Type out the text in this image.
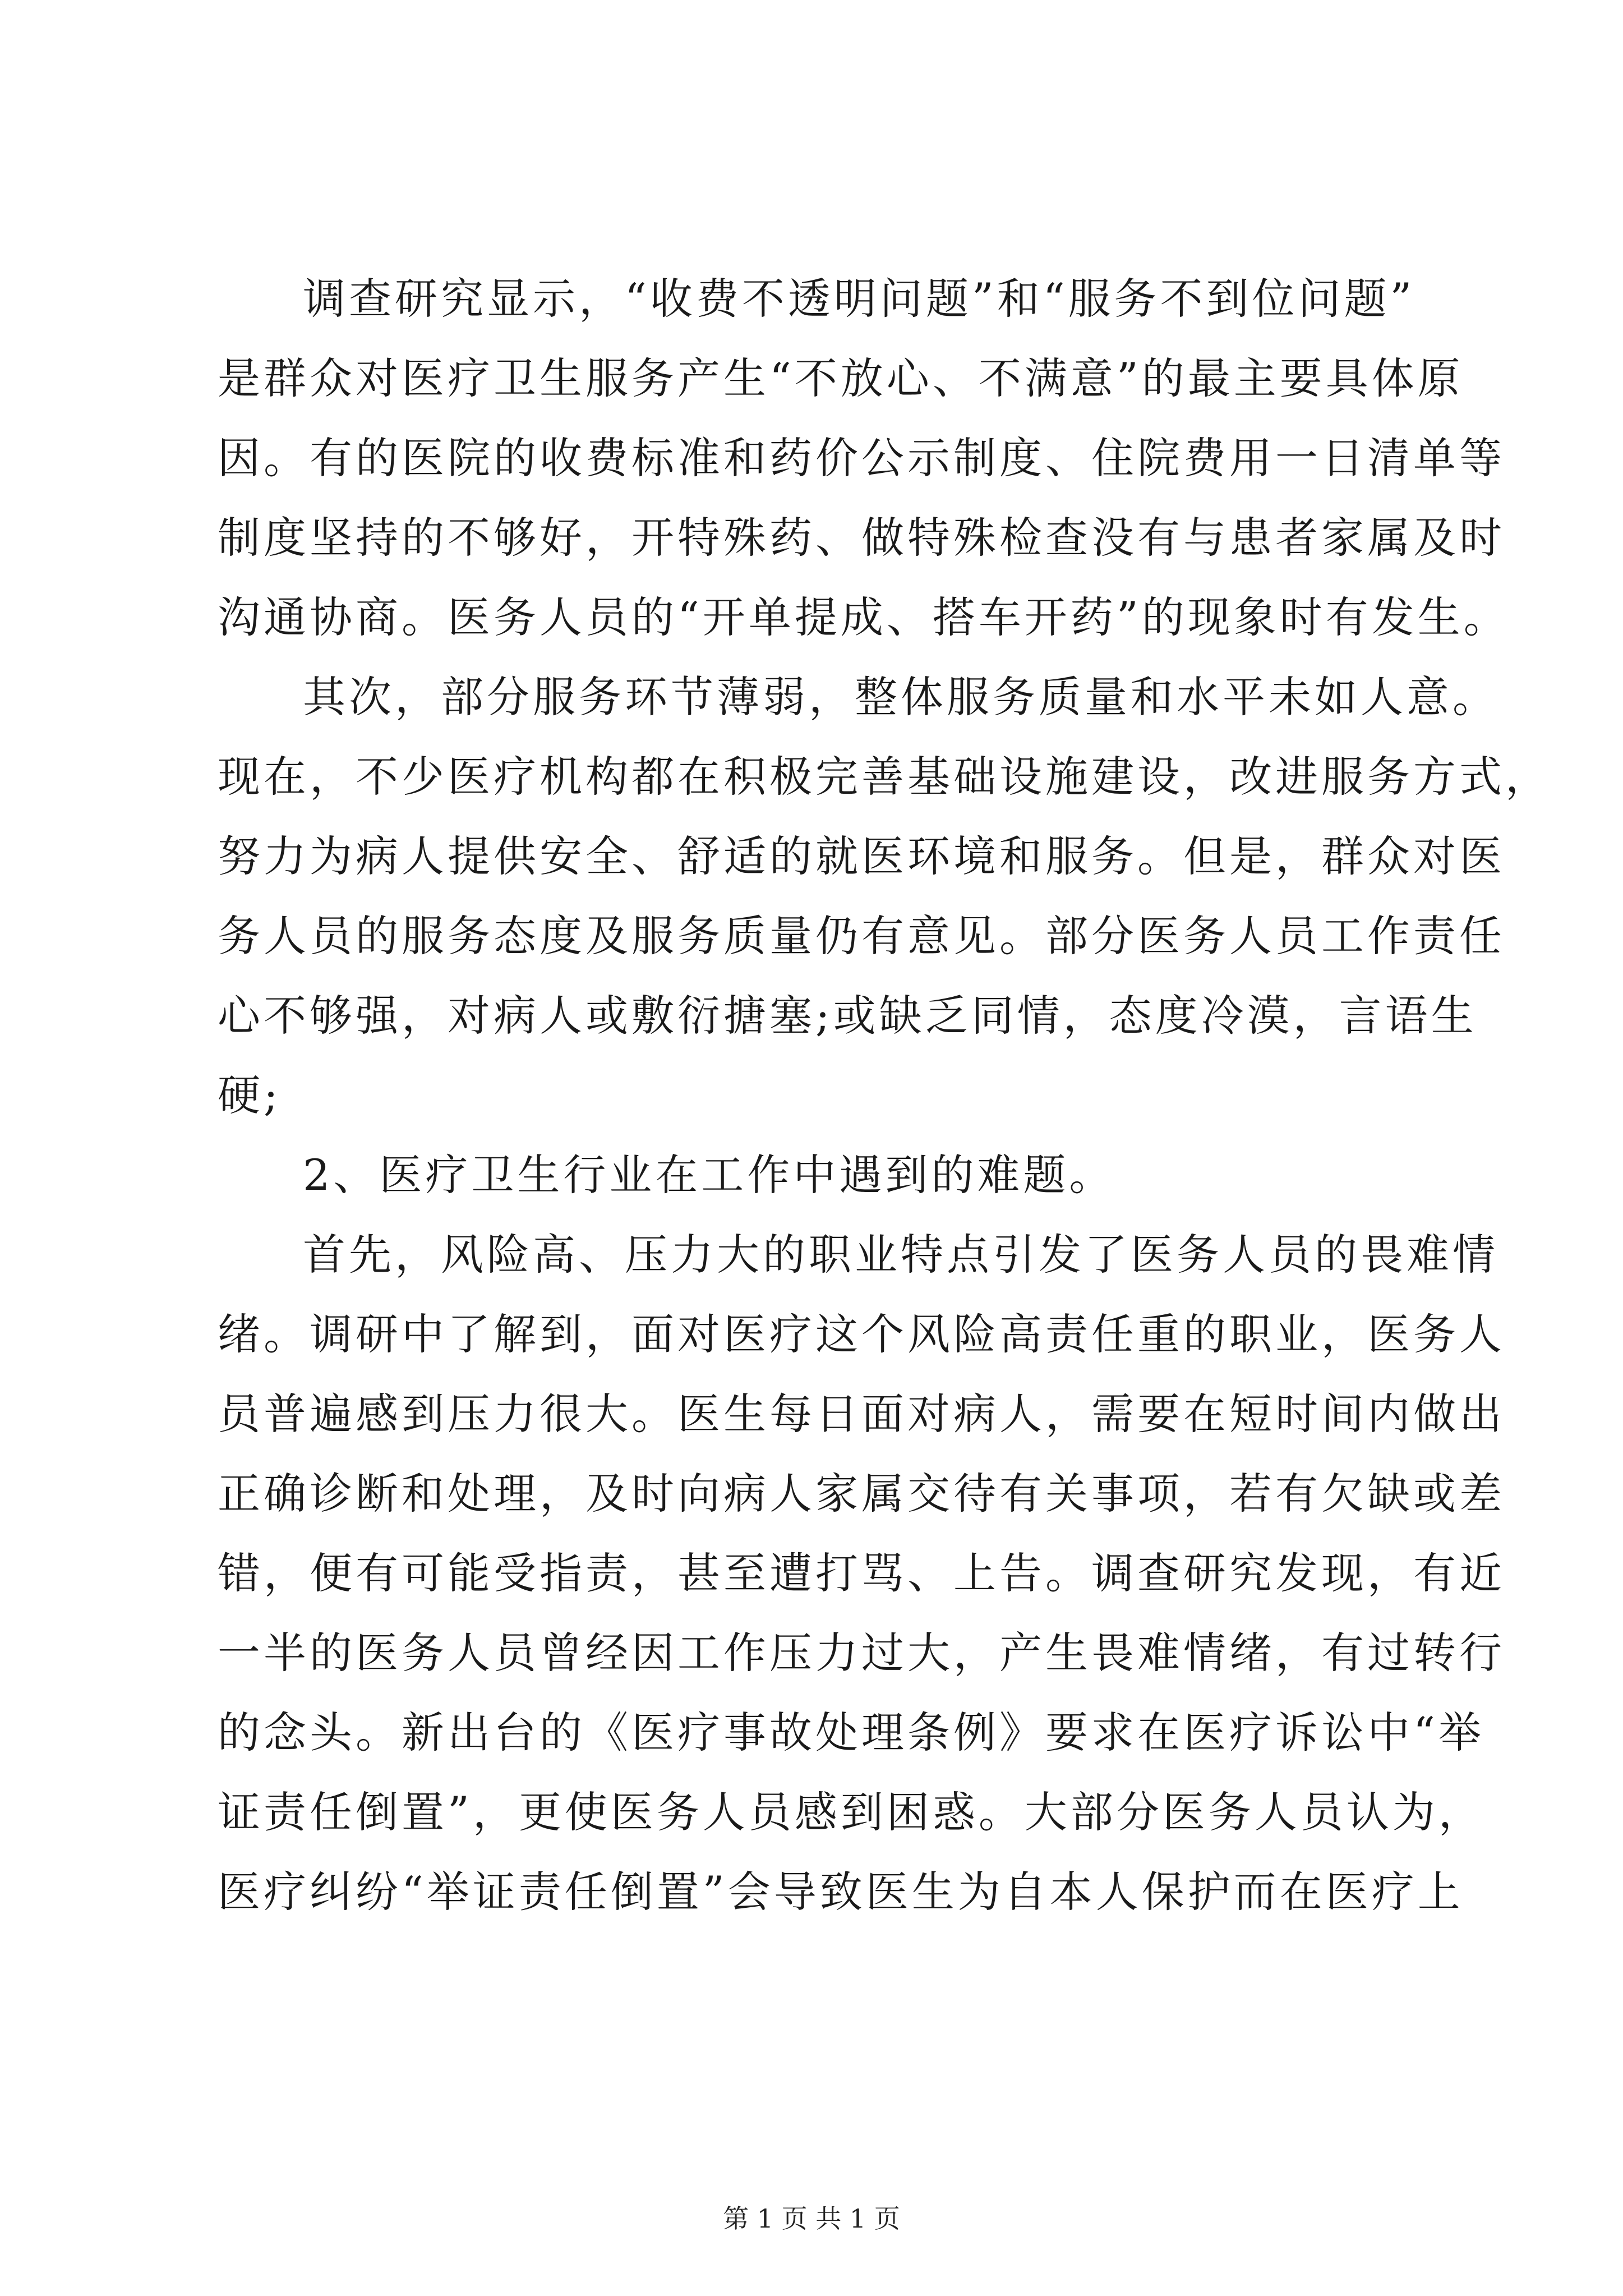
调查研究显示，“收费不透明问题”和“服务不到位问题”
是群众对医疗卫生服务产生“不放心、不满意”的最主要具体原
因。有的医院的收费标准和药价公示制度、住院费用一日清单等
制度坚持的不够好，开特殊药、做特殊检查没有与患者家属及时
沟通协商。医务人员的“开单提成、搭车开药”的现象时有发生。
其次，部分服务环节薄弱，整体服务质量和水平未如人意。
现在，不少医疗机构都在积极完善基础设施建设，改进服务方式，
努力为病人提供安全、舒适的就医环境和服务。但是，群众对医
务人员的服务态度及服务质量仍有意见。部分医务人员工作责任
心不够强，对病人或敷衍搪塞;或缺乏同情，态度冷漠，言语生
硬;
2、医疗卫生行业在工作中遇到的难题。
首先，风险高、压力大的职业特点引发了医务人员的畏难情
绪。调研中了解到，面对医疗这个风险高责任重的职业，医务人
员普遍感到压力很大。医生每日面对病人，需要在短时间内做出
正确诊断和处理，及时向病人家属交待有关事项，若有欠缺或差
错，便有可能受指责，甚至遭打骂、上告。调查研究发现，有近
一半的医务人员曾经因工作压力过大，产生畏难情绪，有过转行
的念头。新出台的《医疗事故处理条例》要求在医疗诉讼中“举
证责任倒置”，更使医务人员感到困惑。大部分医务人员认为，
医疗纠纷“举证责任倒置”会导致医生为自本人保护而在医疗上
第 1 页 共 1 页
